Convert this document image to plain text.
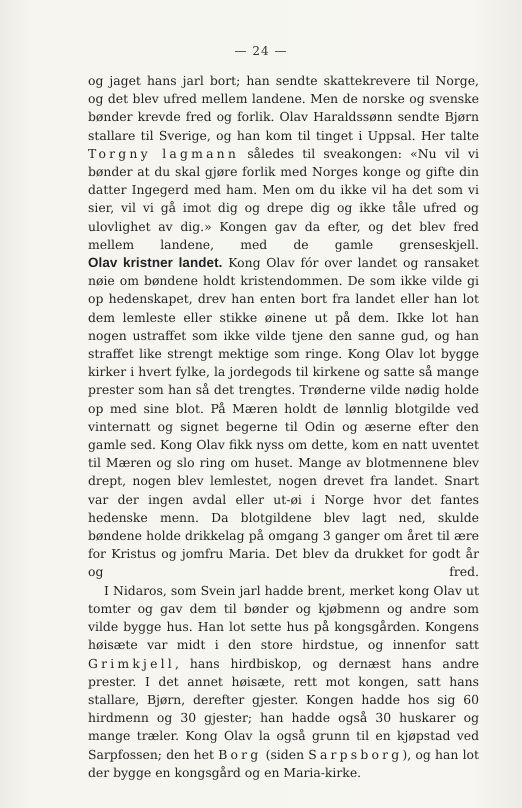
— 24 —

og jaget hans jarl bort; han sendte skattekrevere til Norge, og det blev ufred mellem landene. Men de norske og svenske bønder krevde fred og forlik. Olav Haraldssønn sendte Bjørn stallare til Sverige, og han kom til tinget i Uppsal. Her talte Torgny lagmann således til sveakongen: «Nu vil vi bønder at du skal gjøre forlik med Norges konge og gifte din datter Ingegerd med ham. Men om du ikke vil ha det som vi sier, vil vi gå imot dig og drepe dig og ikke tåle ufred og ulovlighet av dig.» Kongen gav da efter, og det blev fred mellem landene, med de gamle grenseskjell.

Olav kristner landet. Kong Olav fór over landet og ransaket nøie om bøndene holdt kristendommen. De som ikke vilde gi op hedenskapet, drev han enten bort fra landet eller han lot dem lemleste eller stikke øinene ut på dem. Ikke lot han nogen ustraffet som ikke vilde tjene den sanne gud, og han straffet like strengt mektige som ringe. Kong Olav lot bygge kirker i hvert fylke, la jordegods til kirkene og satte så mange prester som han så det trengtes. Trønderne vilde nødig holde op med sine blot. På Mæren holdt de lønnlig blotgilde ved vinternatt og signet begerne til Odin og æserne efter den gamle sed. Kong Olav fikk nyss om dette, kom en natt uventet til Mæren og slo ring om huset. Mange av blotmennene blev drept, nogen blev lemlestet, nogen drevet fra landet. Snart var der ingen avdal eller ut-øi i Norge hvor det fantes hedenske menn. Da blotgildene blev lagt ned, skulde bøndene holde drikkelag på omgang 3 ganger om året til ære for Kristus og jomfru Maria. Det blev da drukket for godt år og fred.

I Nidaros, som Svein jarl hadde brent, merket kong Olav ut tomter og gav dem til bønder og kjøbmenn og andre som vilde bygge hus. Han lot sette hus på kongsgården. Kongens høisæte var midt i den store hirdstue, og innenfor satt Grimkjell, hans hirdbiskop, og dernæst hans andre prester. I det annet høisæte, rett mot kongen, satt hans stallare, Bjørn, derefter gjester. Kongen hadde hos sig 60 hirdmenn og 30 gjester; han hadde også 30 huskarer og mange træler. Kong Olav la også grunn til en kjøpstad ved Sarpfossen; den het Borg (siden Sarpsborg), og han lot der bygge en kongsgård og en Maria-kirke.
